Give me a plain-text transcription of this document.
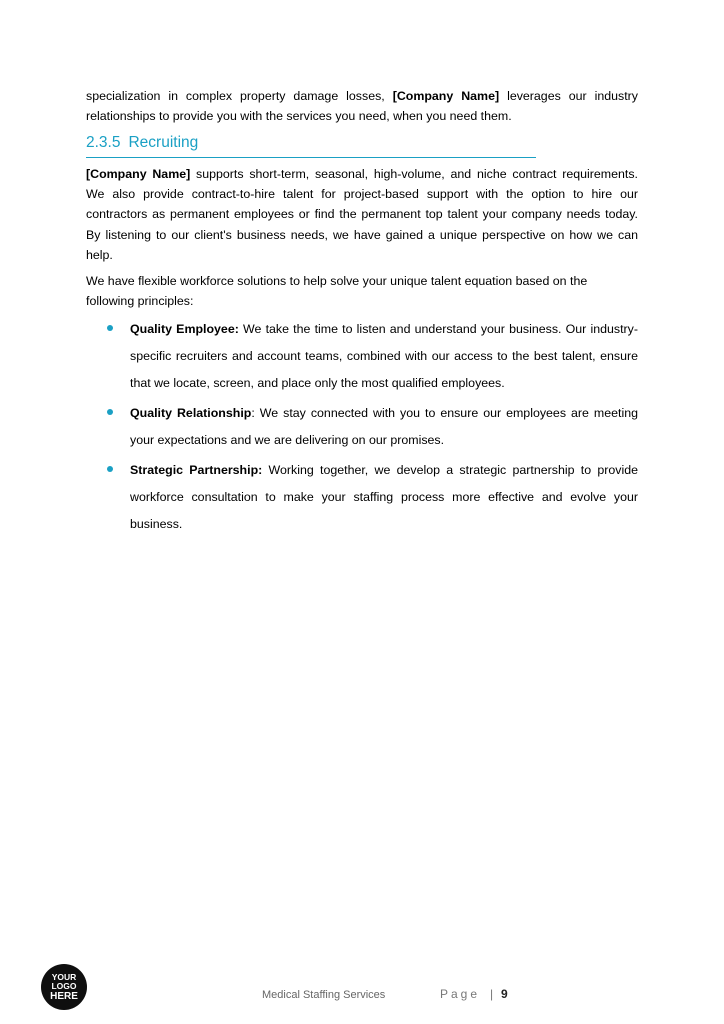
specialization in complex property damage losses, [Company Name] leverages our industry relationships to provide you with the services you need, when you need them.

2.3.5 Recruiting

[Company Name] supports short-term, seasonal, high-volume, and niche contract requirements. We also provide contract-to-hire talent for project-based support with the option to hire our contractors as permanent employees or find the permanent top talent your company needs today. By listening to our client's business needs, we have gained a unique perspective on how we can help.

We have flexible workforce solutions to help solve your unique talent equation based on the following principles:

Quality Employee: We take the time to listen and understand your business. Our industry-specific recruiters and account teams, combined with our access to the best talent, ensure that we locate, screen, and place only the most qualified employees.

Quality Relationship: We stay connected with you to ensure our employees are meeting your expectations and we are delivering on our promises.

Strategic Partnership: Working together, we develop a strategic partnership to provide workforce consultation to make your staffing process more effective and evolve your business.

YOUR
LOGO
HERE	Medical Staffing Services	Page | 9
